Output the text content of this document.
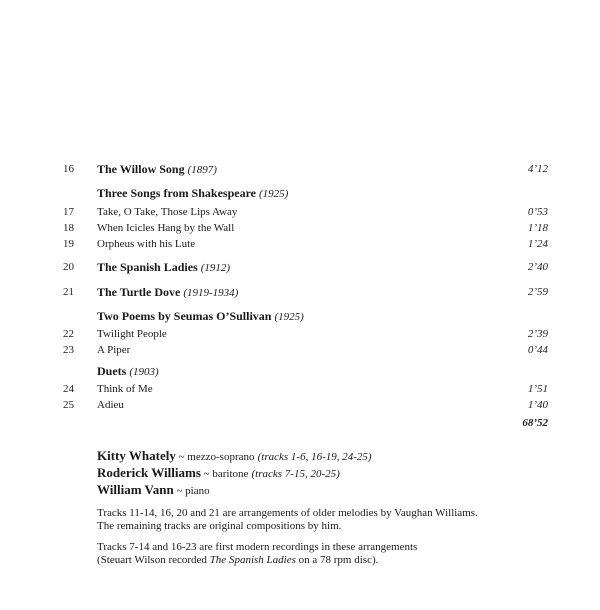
16	The Willow Song (1897)	4’12
Three Songs from Shakespeare (1925)
17	Take, O Take, Those Lips Away	0’53
18	When Icicles Hang by the Wall	1’18
19	Orpheus with his Lute	1’24
20	The Spanish Ladies (1912)	2’40
21	The Turtle Dove (1919-1934)	2’59
Two Poems by Seumas O’Sullivan (1925)
22	Twilight People	2’39
23	A Piper	0’44
Duets (1903)
24	Think of Me	1’51
25	Adieu	1’40
68’52
Kitty Whately ~ mezzo-soprano (tracks 1-6, 16-19, 24-25)
Roderick Williams ~ baritone (tracks 7-15, 20-25)
William Vann ~ piano
Tracks 11-14, 16, 20 and 21 are arrangements of older melodies by Vaughan Williams.
The remaining tracks are original compositions by him.
Tracks 7-14 and 16-23 are first modern recordings in these arrangements
(Steuart Wilson recorded The Spanish Ladies on a 78 rpm disc).
